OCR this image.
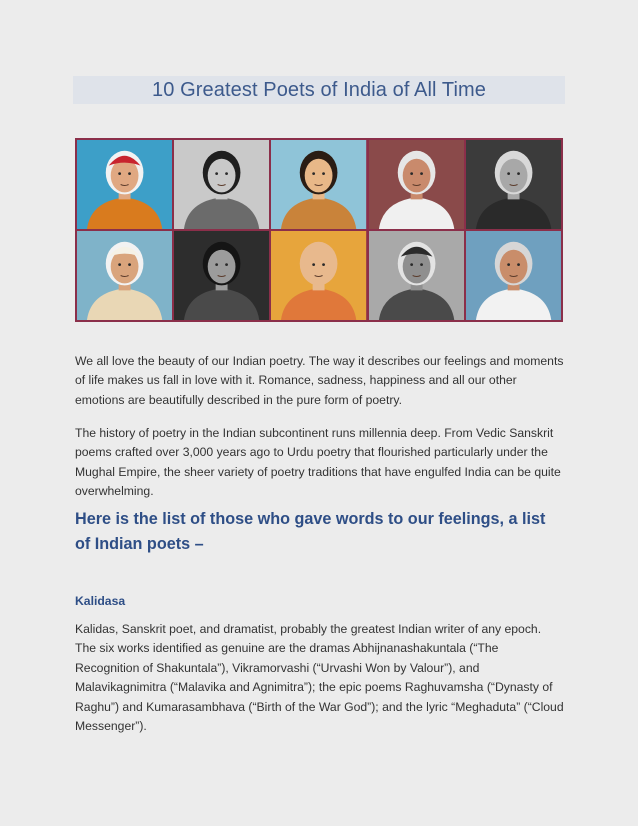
10 Greatest Poets of India of All Time

We all love the beauty of our Indian poetry. The way it describes our feelings and moments of life makes us fall in love with it. Romance, sadness, happiness and all our other emotions are beautifully described in the pure form of poetry.

The history of poetry in the Indian subcontinent runs millennia deep. From Vedic Sanskrit poems crafted over 3,000 years ago to Urdu poetry that flourished particularly under the Mughal Empire, the sheer variety of poetry traditions that have engulfed India can be quite overwhelming.

Here is the list of those who gave words to our feelings, a list of Indian poets –

Kalidasa

Kalidas, Sanskrit poet, and dramatist, probably the greatest Indian writer of any epoch. The six works identified as genuine are the dramas Abhijnanashakuntala (“The Recognition of Shakuntala”), Vikramorvashi (“Urvashi Won by Valour”), and Malavikagnimitra (“Malavika and Agnimitra”); the epic poems Raghuvamsha (“Dynasty of Raghu”) and Kumarasambhava (“Birth of the War God”); and the lyric “Meghaduta” (“Cloud Messenger”).
